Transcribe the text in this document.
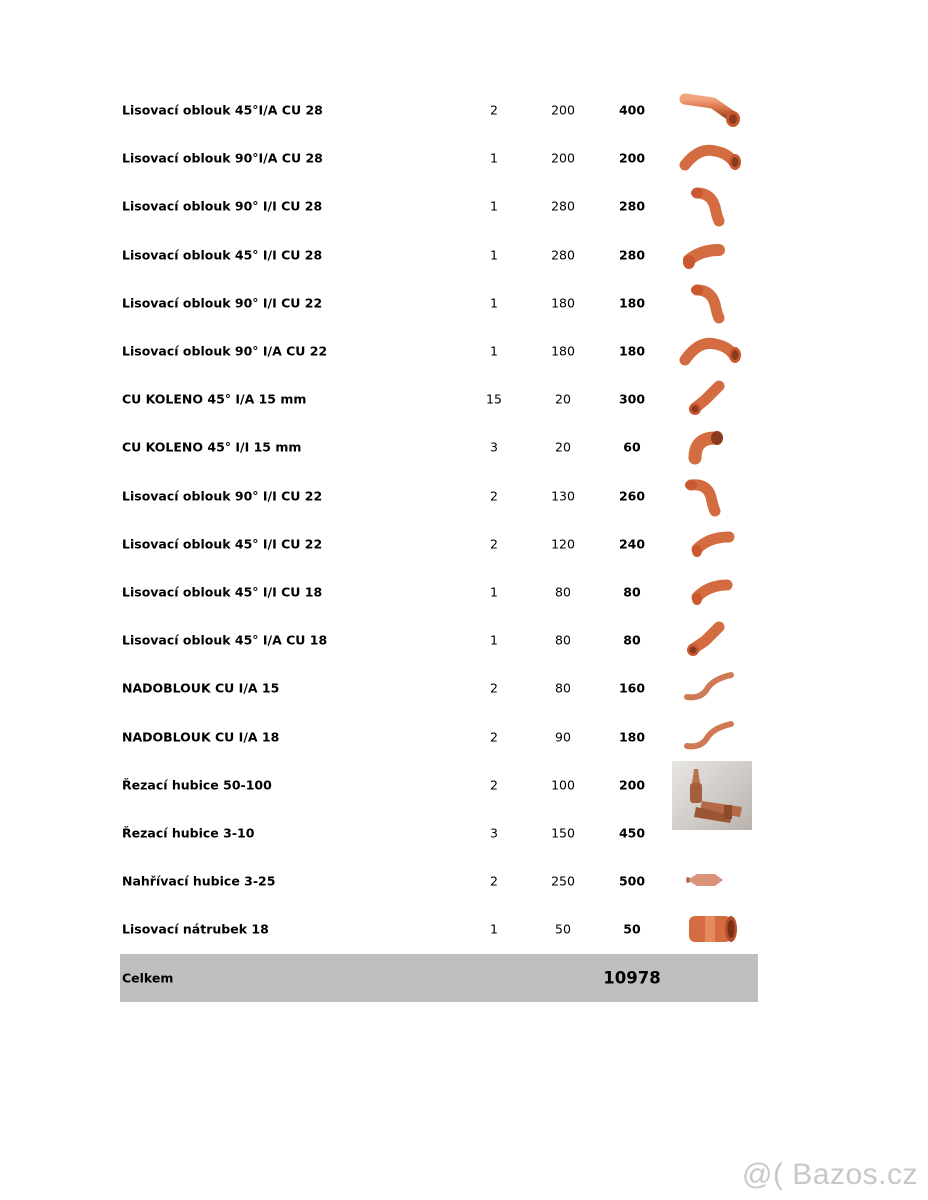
Lisovací oblouk 45°I/A CU 28	2	200	400
Lisovací oblouk 90°I/A CU 28	1	200	200
Lisovací oblouk 90° I/I CU 28	1	280	280
Lisovací oblouk 45° I/I CU 28	1	280	280
Lisovací oblouk 90° I/I CU 22	1	180	180
Lisovací oblouk 90° I/A CU 22	1	180	180
CU KOLENO 45° I/A 15 mm	15	20	300
CU KOLENO 45° I/I 15 mm	3	20	60
Lisovací oblouk 90° I/I CU 22	2	130	260
Lisovací oblouk 45° I/I CU 22	2	120	240
Lisovací oblouk 45° I/I CU 18	1	80	80
Lisovací oblouk 45° I/A CU 18	1	80	80
NADOBLOUK CU I/A 15	2	80	160
NADOBLOUK CU I/A 18	2	90	180
Řezací hubice 50-100	2	100	200
Řezací hubice 3-10	3	150	450
Nahřívací hubice 3-25	2	250	500
Lisovací nátrubek 18	1	50	50
Celkem	10978
@( Bazos.cz
